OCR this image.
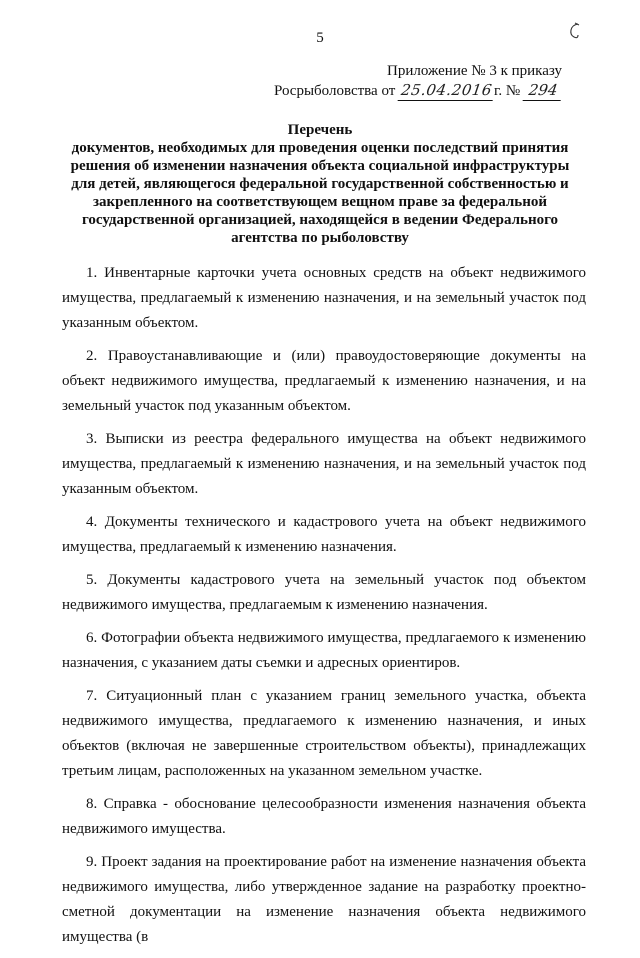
5
Приложение № 3 к приказу
Росрыболовства от 25.04.2016г. № 294
Перечень
документов, необходимых для проведения оценки последствий принятия решения об изменении назначения объекта социальной инфраструктуры для детей, являющегося федеральной государственной собственностью и закрепленного на соответствующем вещном праве за федеральной государственной организацией, находящейся в ведении Федерального агентства по рыболовству

1. Инвентарные карточки учета основных средств на объект недвижимого имущества, предлагаемый к изменению назначения, и на земельный участок под указанным объектом.

2. Правоустанавливающие и (или) правоудостоверяющие документы на объект недвижимого имущества, предлагаемый к изменению назначения, и на земельный участок под указанным объектом.

3. Выписки из реестра федерального имущества на объект недвижимого имущества, предлагаемый к изменению назначения, и на земельный участок под указанным объектом.

4. Документы технического и кадастрового учета на объект недвижимого имущества, предлагаемый к изменению назначения.

5. Документы кадастрового учета на земельный участок под объектом недвижимого имущества, предлагаемым к изменению назначения.

6. Фотографии объекта недвижимого имущества, предлагаемого к изменению назначения, с указанием даты съемки и адресных ориентиров.

7. Ситуационный план с указанием границ земельного участка, объекта недвижимого имущества, предлагаемого к изменению назначения, и иных объектов (включая не завершенные строительством объекты), принадлежащих третьим лицам, расположенных на указанном земельном участке.

8. Справка - обоснование целесообразности изменения назначения объекта недвижимого имущества.

9. Проект задания на проектирование работ на изменение назначения объекта недвижимого имущества, либо утвержденное задание на разработку проектно-сметной документации на изменение назначения объекта недвижимого имущества (в
